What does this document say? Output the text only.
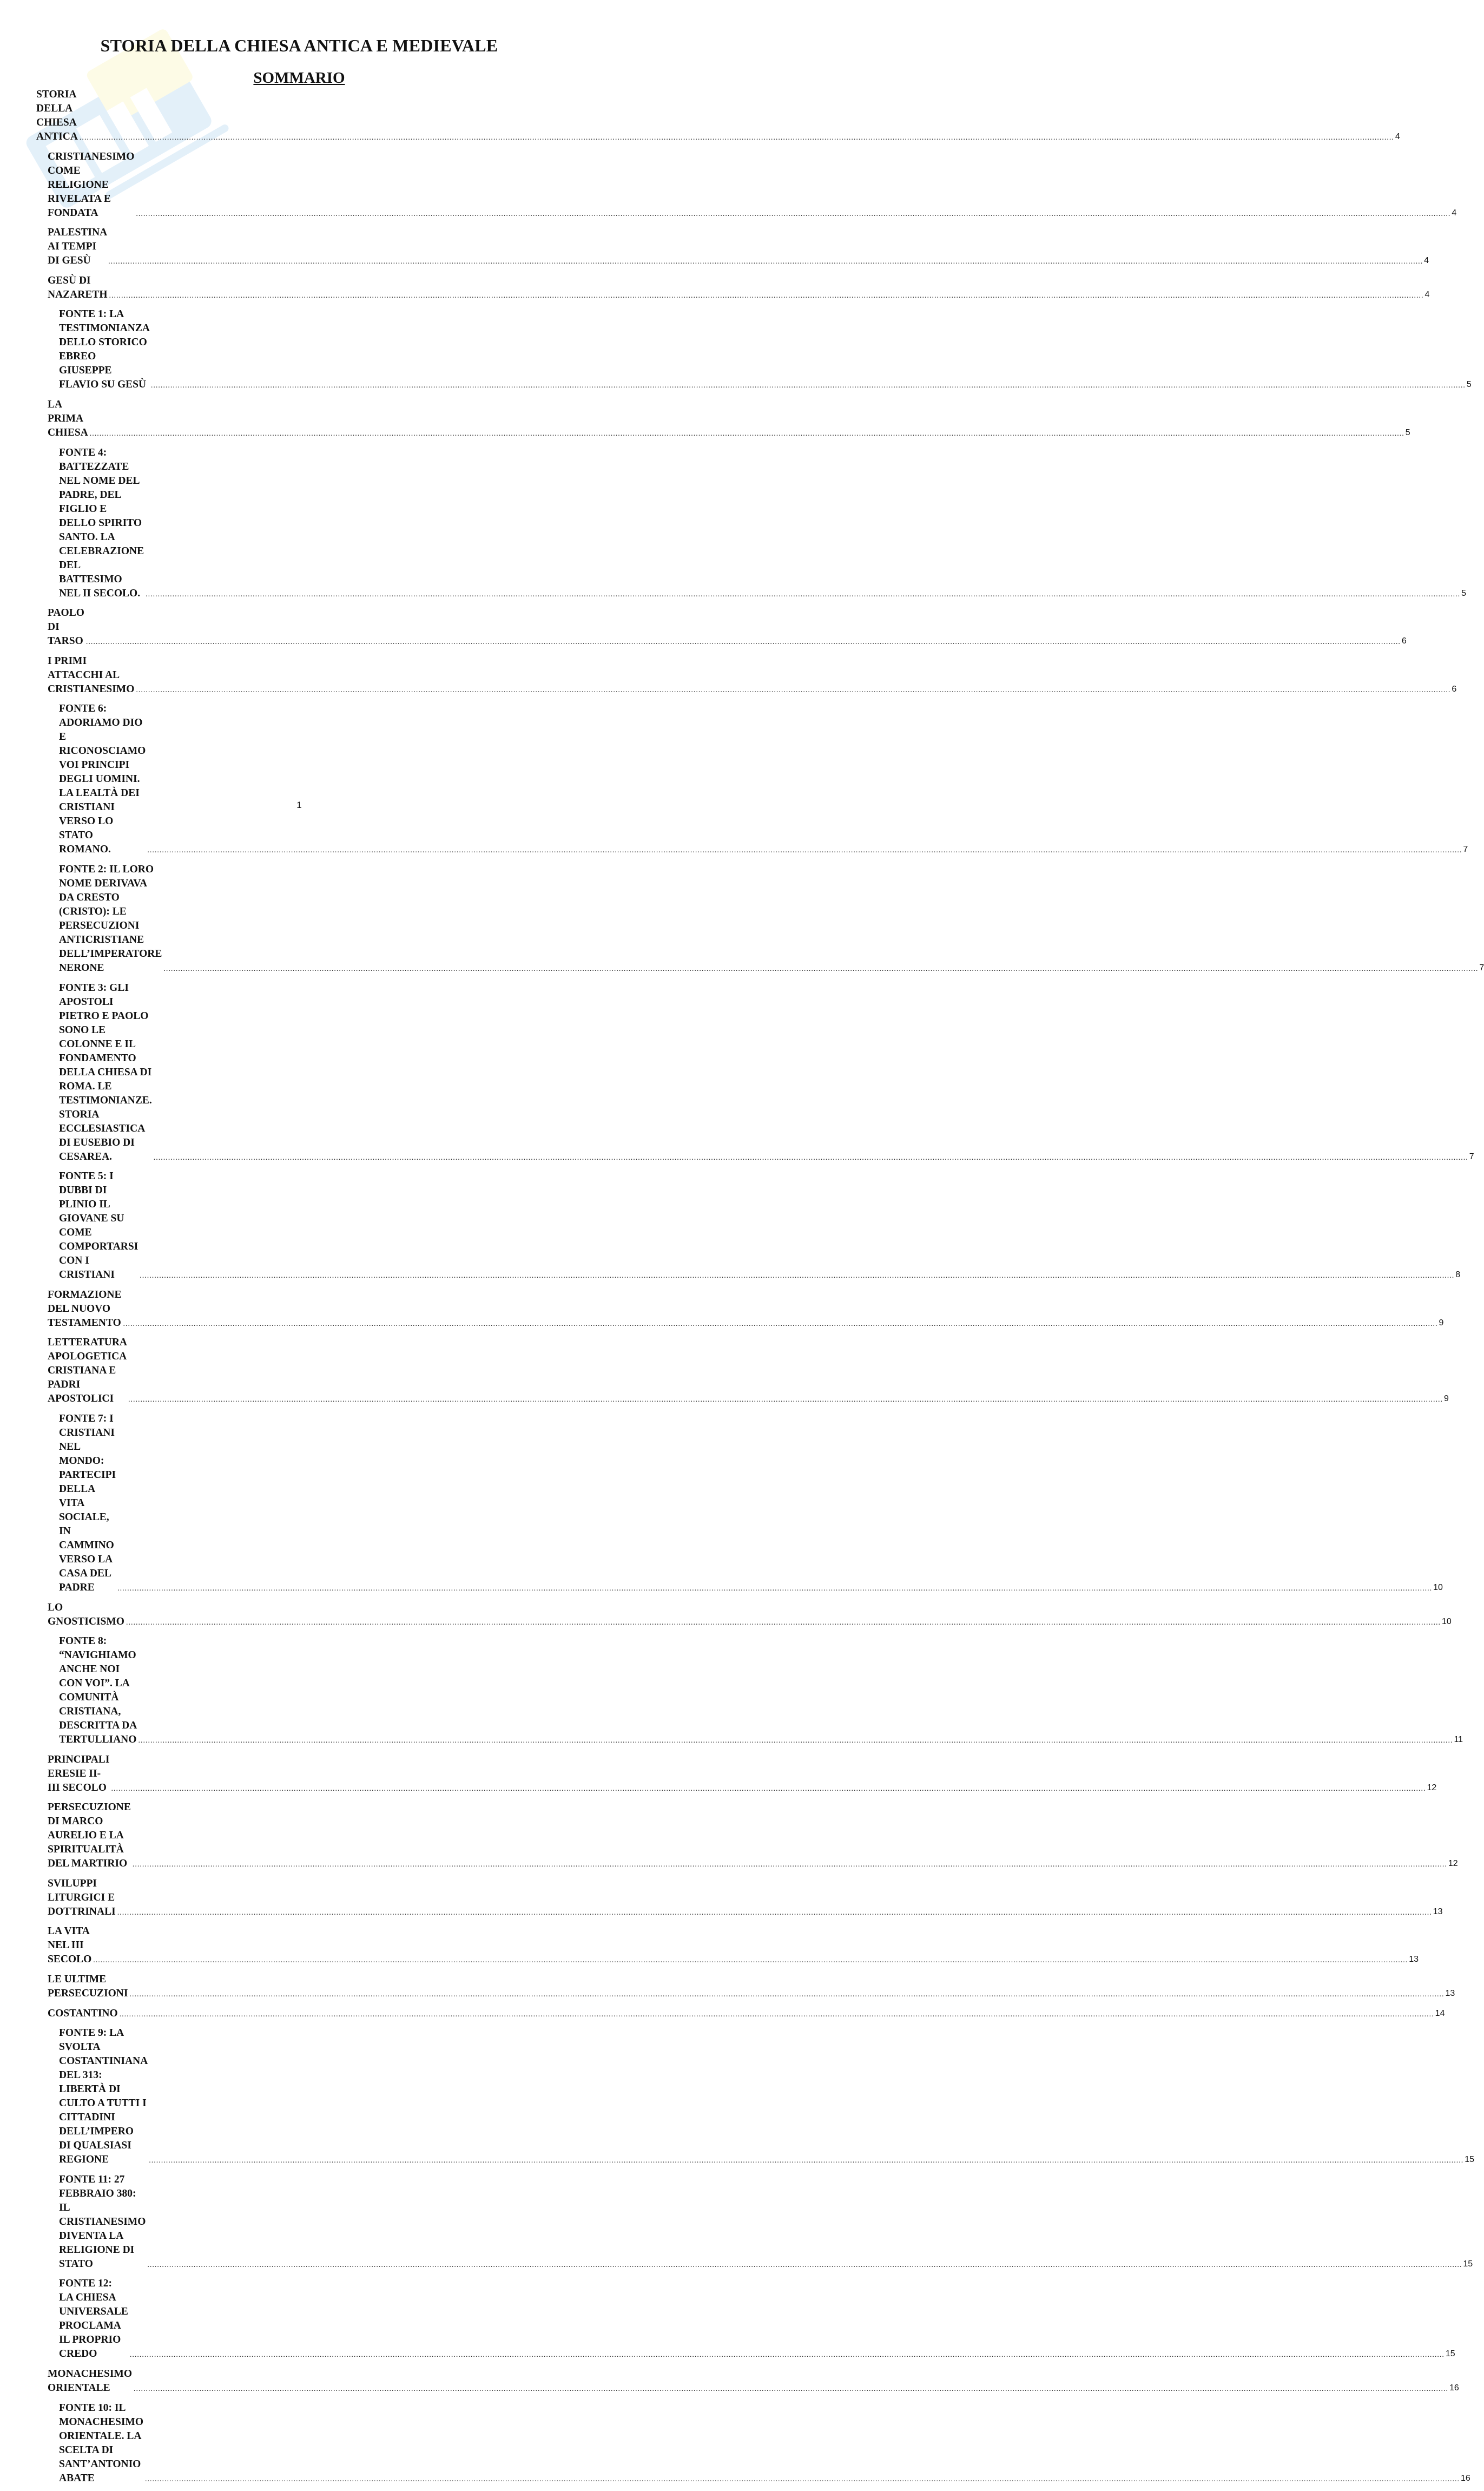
STORIA DELLA CHIESA ANTICA E MEDIEVALE
SOMMARIO
STORIA DELLA CHIESA ANTICA .....	4
CRISTIANESIMO COME RELIGIONE RIVELATA E FONDATA .....	4
PALESTINA AI TEMPI DI GESÙ .....	4
GESÙ DI NAZARETH .....	4
FONTE 1: LA TESTIMONIANZA DELLO STORICO EBREO GIUSEPPE FLAVIO SU GESÙ .....	5
LA PRIMA CHIESA .....	5
FONTE 4: BATTEZZATE NEL NOME DEL PADRE, DEL FIGLIO E DELLO SPIRITO SANTO. LA CELEBRAZIONE DEL BATTESIMO NEL II SECOLO. .....	5
PAOLO DI TARSO .....	6
I PRIMI ATTACCHI AL CRISTIANESIMO .....	6
FONTE 6: ADORIAMO DIO E RICONOSCIAMO VOI PRINCIPI DEGLI UOMINI. LA LEALTÀ DEI CRISTIANI VERSO LO STATO ROMANO. .....	7
FONTE 2: IL LORO NOME DERIVAVA DA CRESTO (CRISTO): LE PERSECUZIONI ANTICRISTIANE DELL’IMPERATORE NERONE .....	7
FONTE 3: GLI APOSTOLI PIETRO E PAOLO SONO LE COLONNE E IL FONDAMENTO DELLA CHIESA DI ROMA. LE TESTIMONIANZE. STORIA ECCLESIASTICA DI EUSEBIO DI CESAREA. .....	7
FONTE 5: I DUBBI DI PLINIO IL GIOVANE SU COME COMPORTARSI CON I CRISTIANI .....	8
FORMAZIONE DEL NUOVO TESTAMENTO .....	9
LETTERATURA APOLOGETICA CRISTIANA E PADRI APOSTOLICI .....	9
FONTE 7: I CRISTIANI NEL MONDO: PARTECIPI DELLA VITA SOCIALE, IN CAMMINO VERSO LA CASA DEL PADRE .....	10
LO GNOSTICISMO .....	10
FONTE 8: “NAVIGHIAMO ANCHE NOI CON VOI”. LA COMUNITÀ CRISTIANA, DESCRITTA DA TERTULLIANO .....	11
PRINCIPALI ERESIE II-III SECOLO .....	12
PERSECUZIONE DI MARCO AURELIO E LA SPIRITUALITÀ DEL MARTIRIO .....	12
SVILUPPI LITURGICI E DOTTRINALI .....	13
LA VITA NEL III SECOLO .....	13
LE ULTIME PERSECUZIONI .....	13
COSTANTINO .....	14
FONTE 9: LA SVOLTA COSTANTINIANA DEL 313: LIBERTÀ DI CULTO A TUTTI I CITTADINI DELL’IMPERO DI QUALSIASI REGIONE .....	15
FONTE 11: 27 FEBBRAIO 380: IL CRISTIANESIMO DIVENTA LA RELIGIONE DI STATO .....	15
FONTE 12: LA CHIESA UNIVERSALE PROCLAMA IL PROPRIO CREDO .....	15
MONACHESIMO ORIENTALE .....	16
FONTE 10: IL MONACHESIMO ORIENTALE. LA SCELTA DI SANT’ANTONIO ABATE .....	16
1
